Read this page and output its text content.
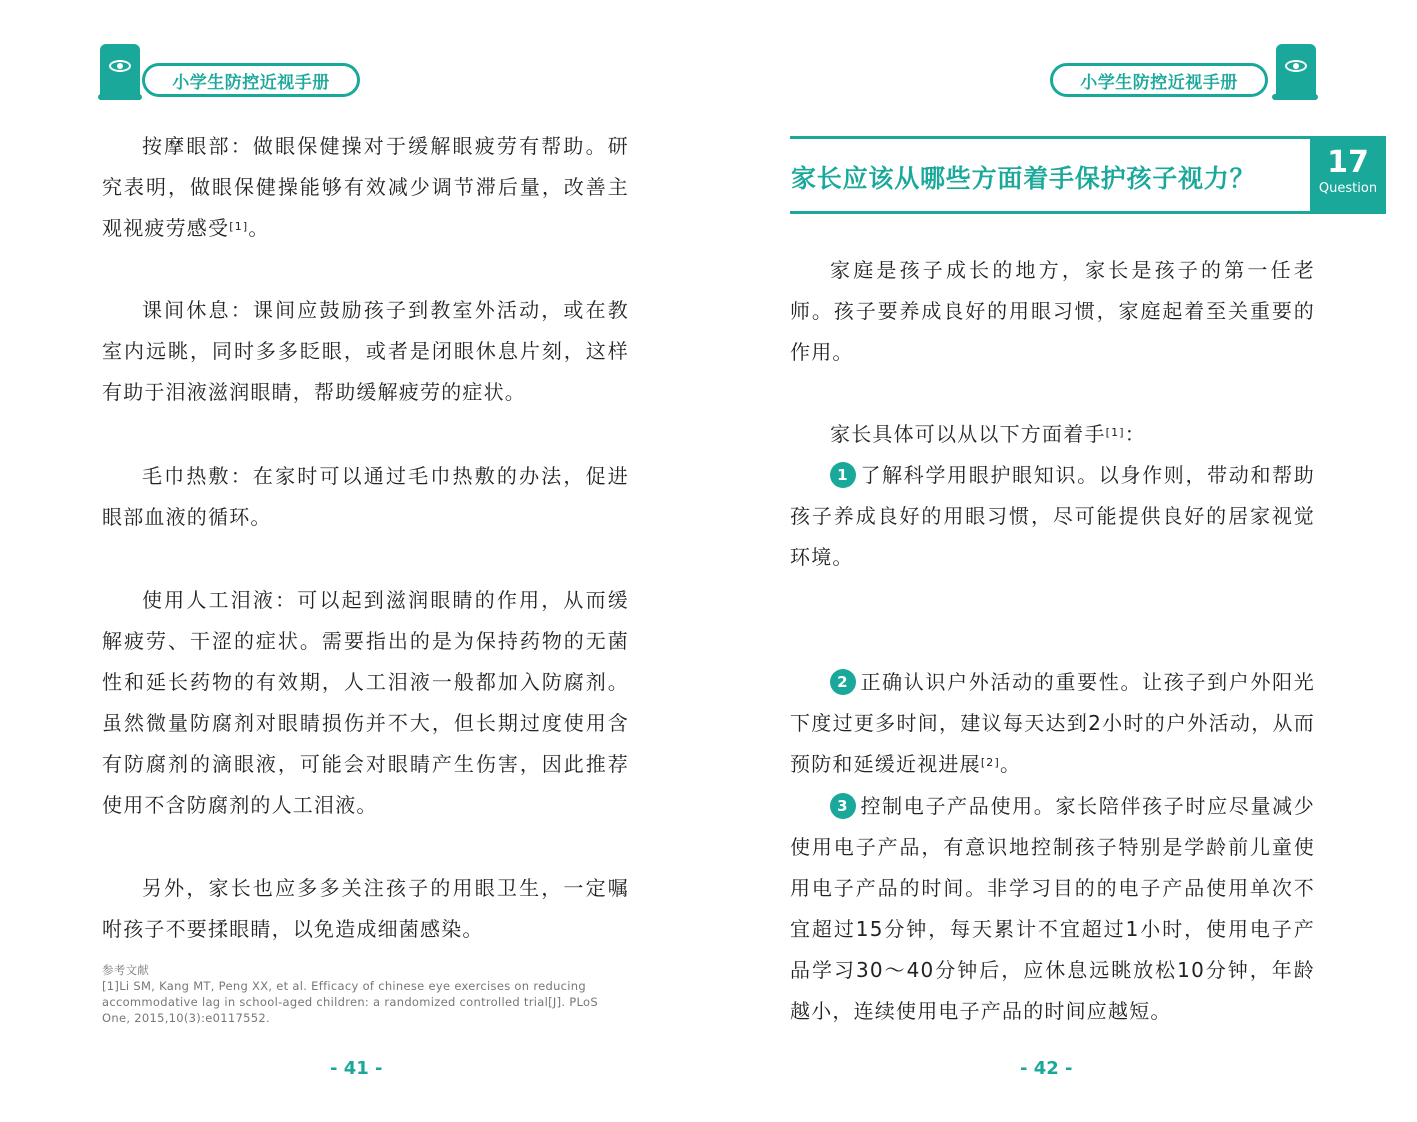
小学生防控近视手册

按摩眼部：做眼保健操对于缓解眼疲劳有帮助。研究表明，做眼保健操能够有效减少调节滞后量，改善主观视疲劳感受[1]。

课间休息：课间应鼓励孩子到教室外活动，或在教室内远眺，同时多多眨眼，或者是闭眼休息片刻，这样有助于泪液滋润眼睛，帮助缓解疲劳的症状。

毛巾热敷：在家时可以通过毛巾热敷的办法，促进眼部血液的循环。

使用人工泪液：可以起到滋润眼睛的作用，从而缓解疲劳、干涩的症状。需要指出的是为保持药物的无菌性和延长药物的有效期，人工泪液一般都加入防腐剂。虽然微量防腐剂对眼睛损伤并不大，但长期过度使用含有防腐剂的滴眼液，可能会对眼睛产生伤害，因此推荐使用不含防腐剂的人工泪液。

另外，家长也应多多关注孩子的用眼卫生，一定嘱咐孩子不要揉眼睛，以免造成细菌感染。

参考文献
[1]Li SM, Kang MT, Peng XX, et al. Efficacy of chinese eye exercises on reducing accommodative lag in school-aged children: a randomized controlled trial[J]. PLoS One, 2015,10(3):e0117552.
- 41 -
小学生防控近视手册
家长应该从哪些方面着手保护孩子视力？	17
Question

家庭是孩子成长的地方，家长是孩子的第一任老师。孩子要养成良好的用眼习惯，家庭起着至关重要的作用。

家长具体可以从以下方面着手[1]：

1 了解科学用眼护眼知识。以身作则，带动和帮助孩子养成良好的用眼习惯，尽可能提供良好的居家视觉环境。

2 正确认识户外活动的重要性。让孩子到户外阳光下度过更多时间，建议每天达到2小时的户外活动，从而预防和延缓近视进展[2]。

3 控制电子产品使用。家长陪伴孩子时应尽量减少使用电子产品，有意识地控制孩子特别是学龄前儿童使用电子产品的时间。非学习目的的电子产品使用单次不宜超过15分钟，每天累计不宜超过1小时，使用电子产品学习30～40分钟后，应休息远眺放松10分钟，年龄越小，连续使用电子产品的时间应越短。

- 42 -
